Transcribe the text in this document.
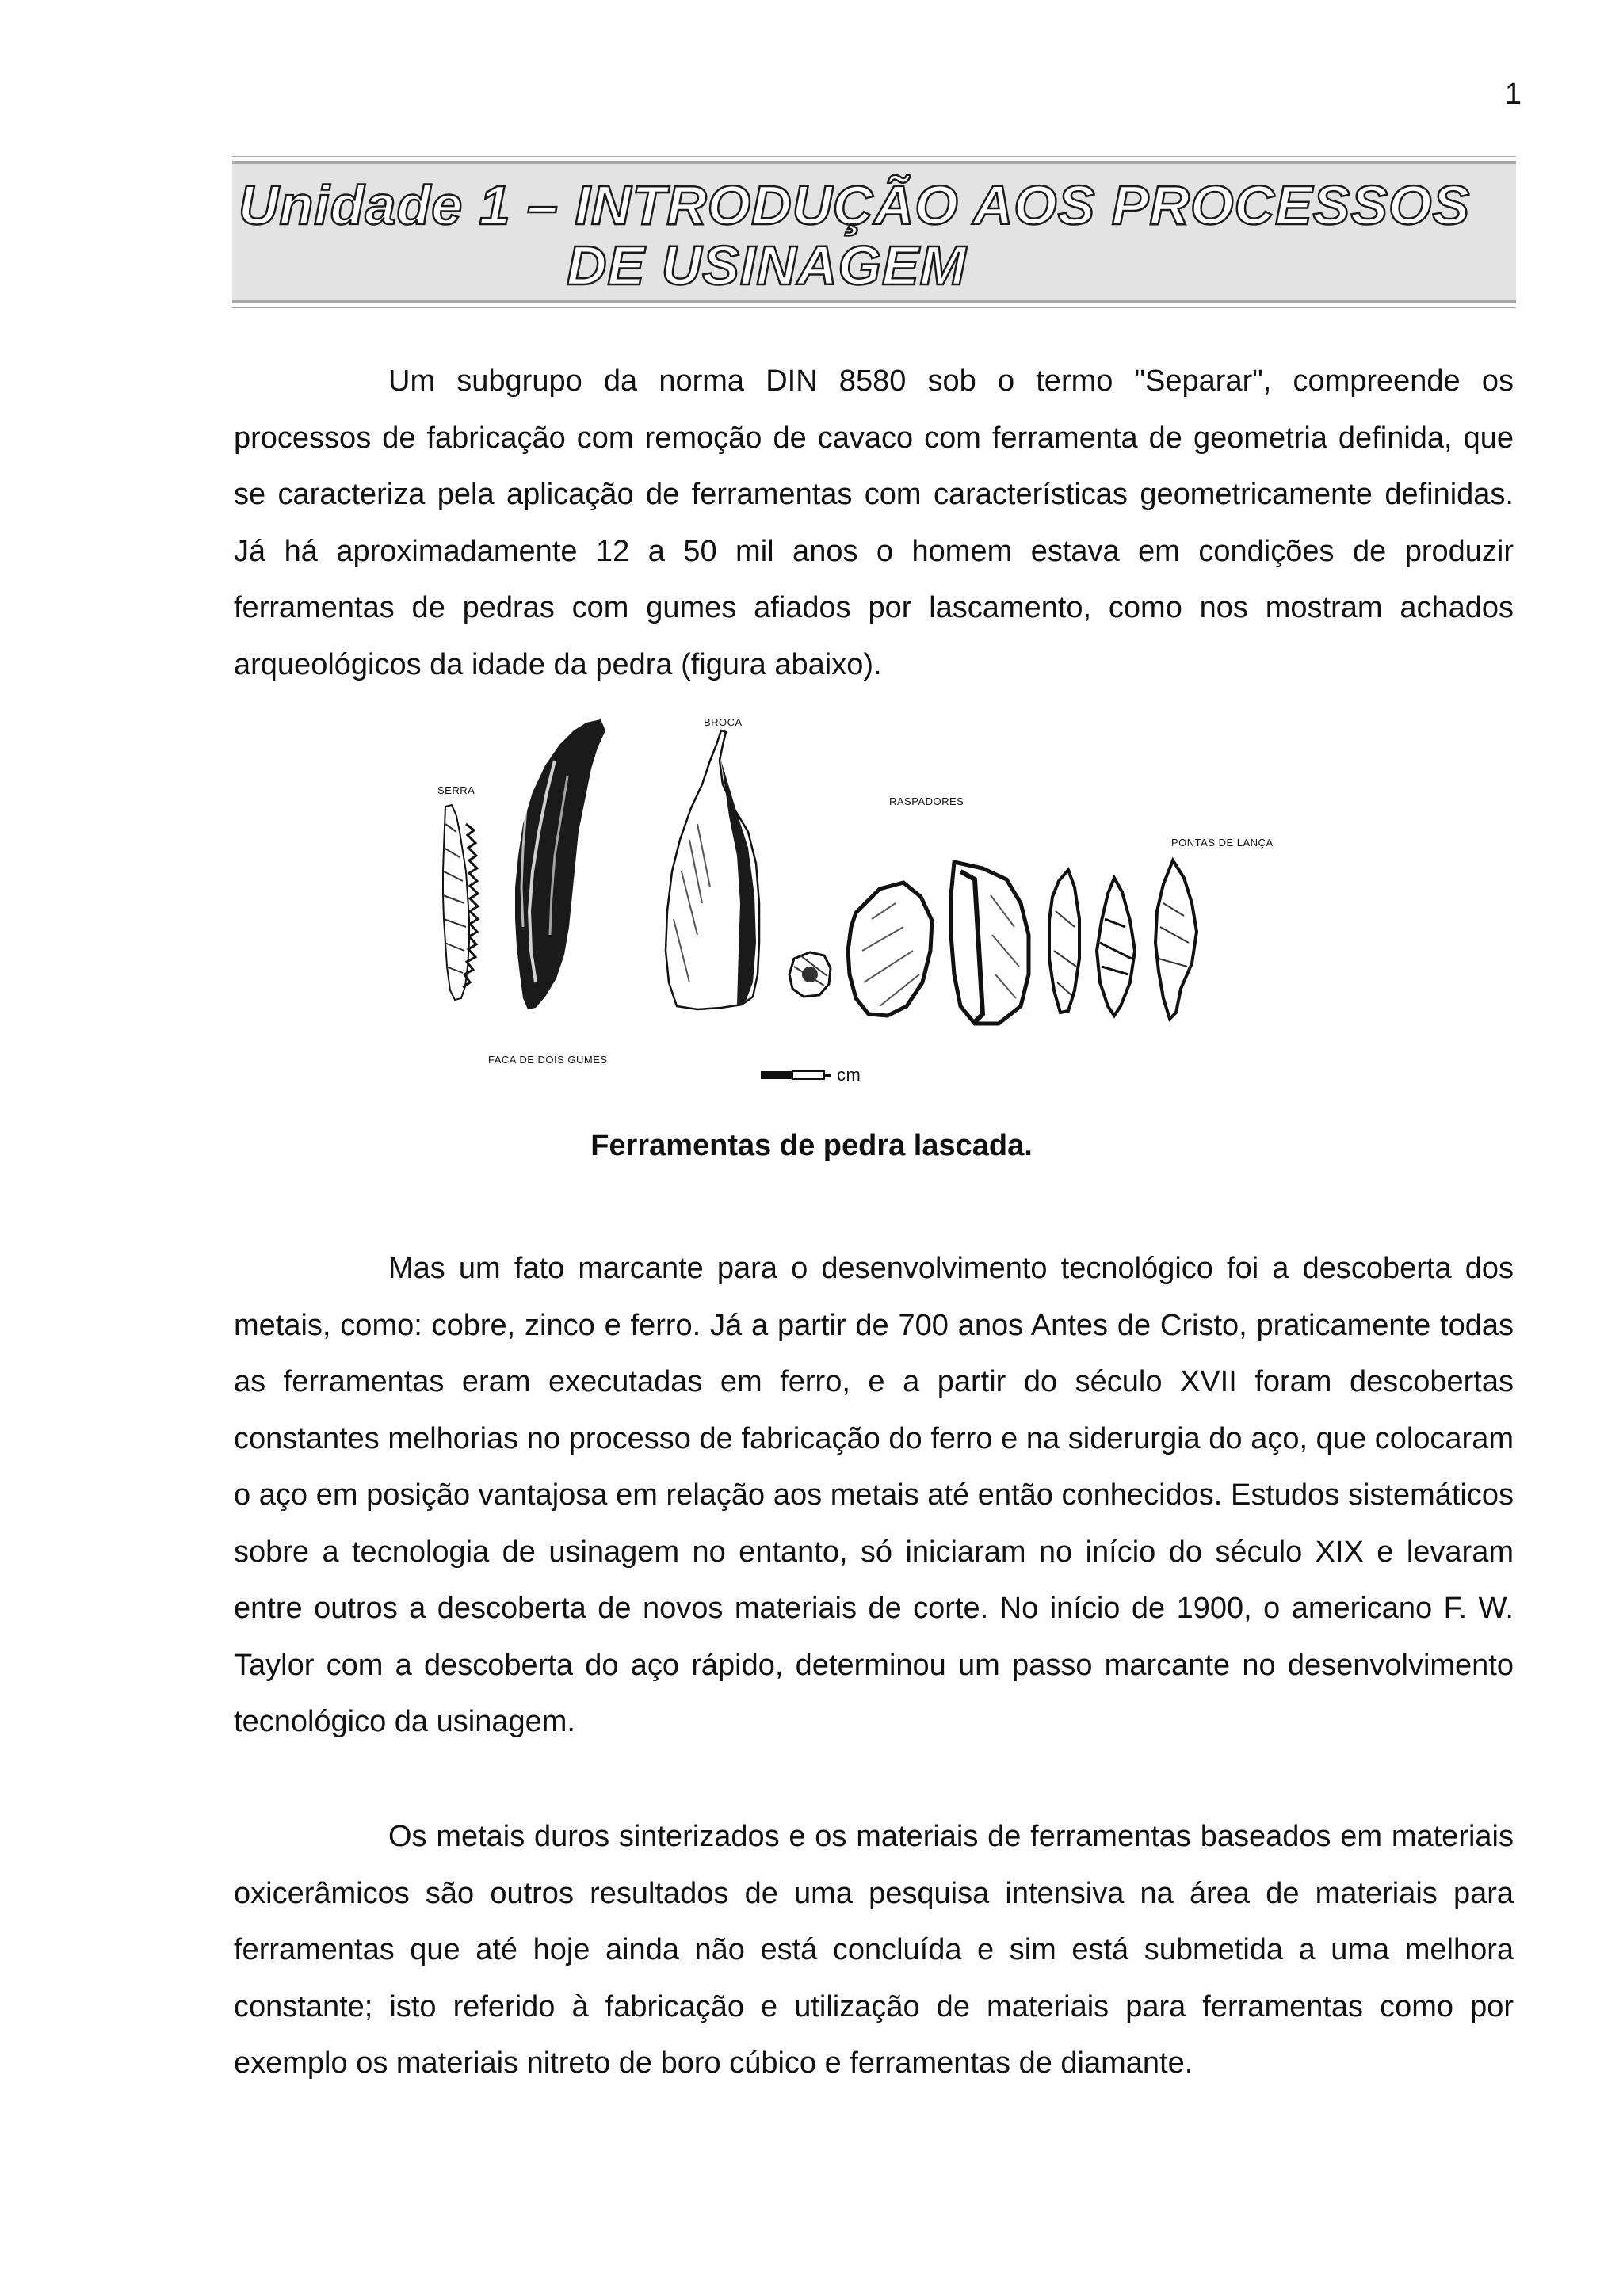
1
Unidade 1 – INTRODUÇÃO AOS PROCESSOS
DE USINAGEM

Um subgrupo da norma DIN 8580 sob o termo "Separar", compreende os processos de fabricação com remoção de cavaco com ferramenta de geometria definida, que se caracteriza pela aplicação de ferramentas com características geometricamente definidas. Já há aproximadamente 12 a 50 mil anos o homem estava em condições de produzir ferramentas de pedras com gumes afiados por lascamento, como nos mostram achados arqueológicos da idade da pedra (figura abaixo).

SERRA
BROCA
RASPADORES
PONTAS DE LANÇA
FACA DE DOIS GUMES
cm
Ferramentas de pedra lascada.

Mas um fato marcante para o desenvolvimento tecnológico foi a descoberta dos metais, como: cobre, zinco e ferro. Já a partir de 700 anos Antes de Cristo, praticamente todas as ferramentas eram executadas em ferro, e a partir do século XVII foram descobertas constantes melhorias no processo de fabricação do ferro e na siderurgia do aço, que colocaram o aço em posição vantajosa em relação aos metais até então conhecidos. Estudos sistemáticos sobre a tecnologia de usinagem no entanto, só iniciaram no início do século XIX e levaram entre outros a descoberta de novos materiais de corte. No início de 1900, o americano F. W. Taylor com a descoberta do aço rápido, determinou um passo marcante no desenvolvimento tecnológico da usinagem.

Os metais duros sinterizados e os materiais de ferramentas baseados em materiais oxicerâmicos são outros resultados de uma pesquisa intensiva na área de materiais para ferramentas que até hoje ainda não está concluída e sim está submetida a uma melhora constante; isto referido à fabricação e utilização de materiais para ferramentas como por exemplo os materiais nitreto de boro cúbico e ferramentas de diamante.
